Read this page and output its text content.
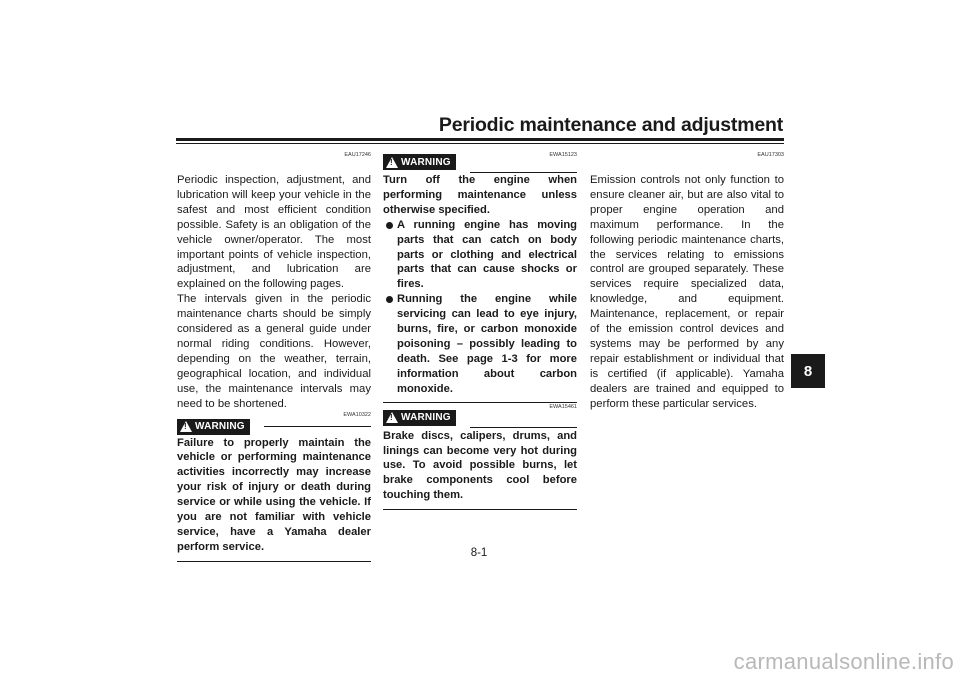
Periodic maintenance and adjustment
8
EAU17246

Periodic inspection, adjustment, and lubrication will keep your vehicle in the safest and most efficient condition possible. Safety is an obligation of the vehicle owner/operator. The most important points of vehicle inspection, adjustment, and lubrication are explained on the following pages.

The intervals given in the periodic maintenance charts should be simply considered as a general guide under normal riding conditions. However, depending on the weather, terrain, geographical location, and individual use, the maintenance intervals may need to be shortened.

!
WARNING
EWA10322

Failure to properly maintain the vehicle or performing maintenance activities incorrectly may increase your risk of injury or death during service or while using the vehicle. If you are not familiar with vehicle service, have a Yamaha dealer perform service.

!
WARNING
EWA15123

Turn off the engine when performing maintenance unless otherwise specified.

A running engine has moving parts that can catch on body parts or clothing and electrical parts that can cause shocks or fires.
Running the engine while servicing can lead to eye injury, burns, fire, or carbon monoxide poisoning – possibly leading to death. See page 1-3 for more information about carbon monoxide.
!
WARNING
EWA15461

Brake discs, calipers, drums, and linings can become very hot during use. To avoid possible burns, let brake components cool before touching them.

EAU17303

Emission controls not only function to ensure cleaner air, but are also vital to proper engine operation and maximum performance. In the following periodic maintenance charts, the services relating to emissions control are grouped separately. These services require specialized data, knowledge, and equipment. Maintenance, replacement, or repair of the emission control devices and systems may be performed by any repair establishment or individual that is certified (if applicable). Yamaha dealers are trained and equipped to perform these particular services.

8-1
carmanualsonline.info
